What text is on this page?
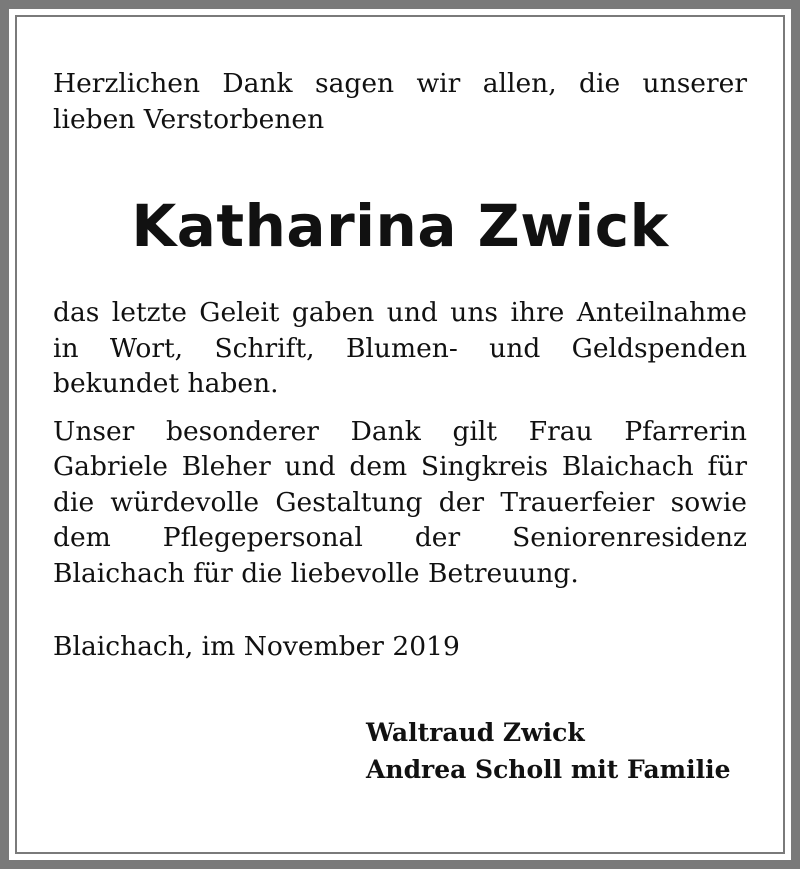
Herzlichen Dank sagen wir allen, die unserer lieben Verstorbenen

Katharina Zwick

das letzte Geleit gaben und uns ihre Anteilnahme in Wort, Schrift, Blumen- und Geldspenden bekundet haben.

Unser besonderer Dank gilt Frau Pfarrerin Gabriele Bleher und dem Singkreis Blaichach für die würdevolle Gestaltung der Trauerfeier sowie dem Pflegepersonal der Seniorenresidenz Blaichach für die liebevolle Betreuung.

Blaichach, im November 2019

Waltraud Zwick
Andrea Scholl mit Familie
